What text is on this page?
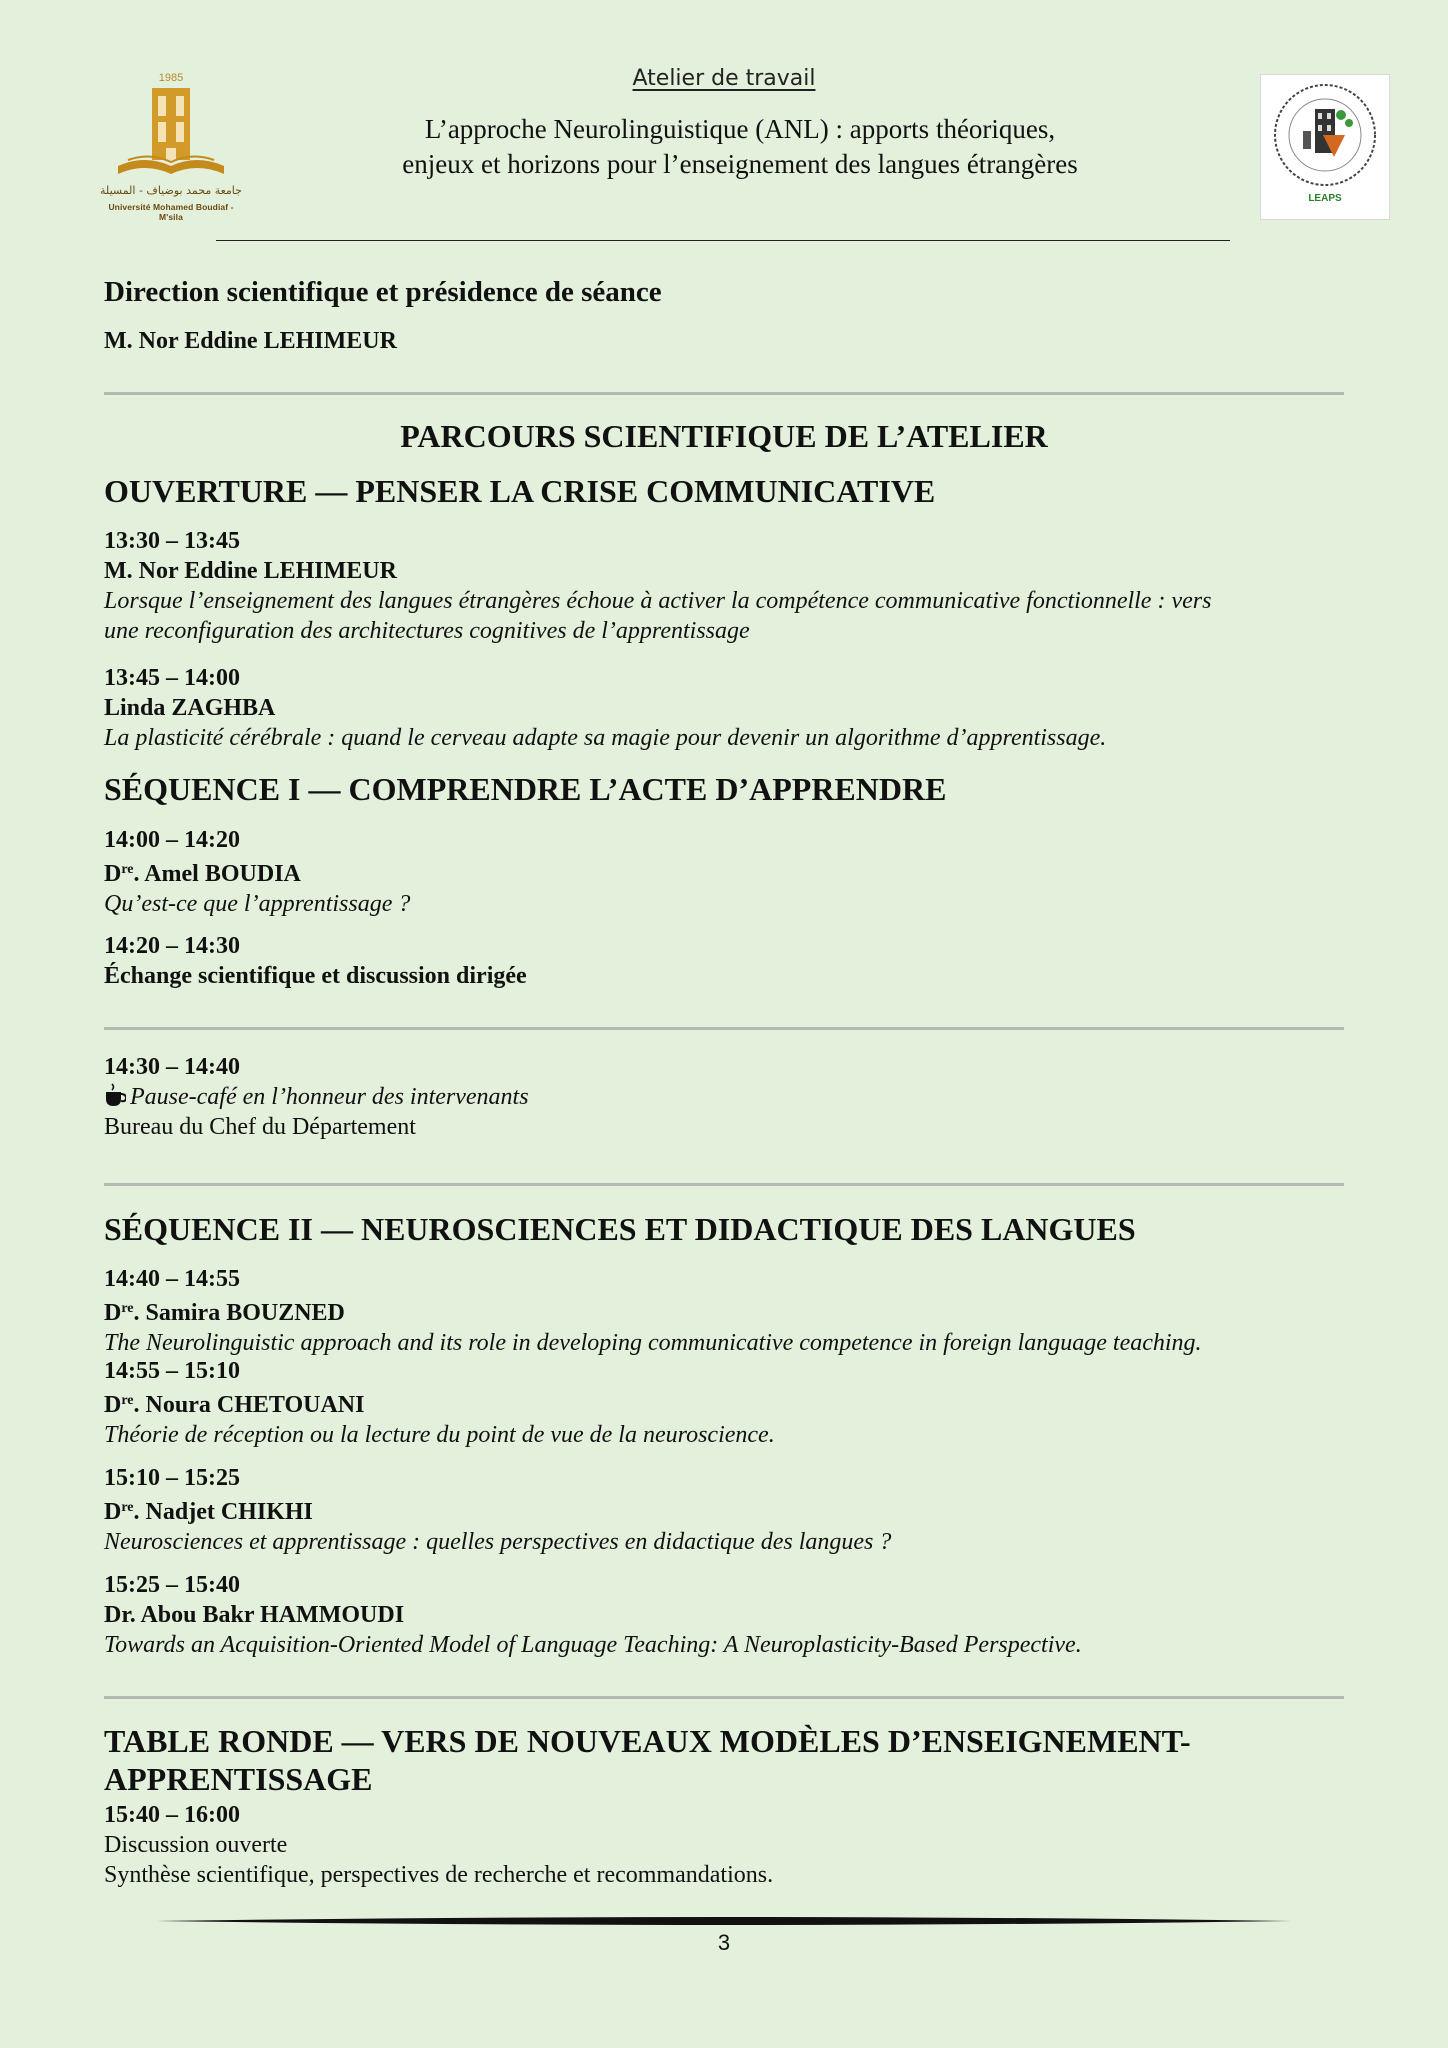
1985
جامعة محمد بوضياف - المسيلة
Université Mohamed Boudiaf - M'sila
LEAPS
Atelier de travail
L’approche Neurolinguistique (ANL) : apports théoriques,
enjeux et horizons pour l’enseignement des langues étrangères
Direction scientifique et présidence de séance
M. Nor Eddine LEHIMEUR
PARCOURS SCIENTIFIQUE DE L’ATELIER
OUVERTURE — PENSER LA CRISE COMMUNICATIVE
13:30 – 13:45
M. Nor Eddine LEHIMEUR
Lorsque l’enseignement des langues étrangères échoue à activer la compétence communicative fonctionnelle : vers
une reconfiguration des architectures cognitives de l’apprentissage
13:45 – 14:00
Linda ZAGHBA
La plasticité cérébrale : quand le cerveau adapte sa magie pour devenir un algorithme d’apprentissage.
SÉQUENCE I — COMPRENDRE L’ACTE D’APPRENDRE
14:00 – 14:20
Dre. Amel BOUDIA
Qu’est-ce que l’apprentissage ?
14:20 – 14:30
Échange scientifique et discussion dirigée
14:30 – 14:40
Pause-café en l’honneur des intervenants
Bureau du Chef du Département
SÉQUENCE II — NEUROSCIENCES ET DIDACTIQUE DES LANGUES
14:40 – 14:55
Dre. Samira BOUZNED
The Neurolinguistic approach and its role in developing communicative competence in foreign language teaching.
14:55 – 15:10
Dre. Noura CHETOUANI
Théorie de réception ou la lecture du point de vue de la neuroscience.
15:10 – 15:25
Dre. Nadjet CHIKHI
Neurosciences et apprentissage : quelles perspectives en didactique des langues ?
15:25 – 15:40
Dr. Abou Bakr HAMMOUDI
Towards an Acquisition-Oriented Model of Language Teaching: A Neuroplasticity-Based Perspective.
TABLE RONDE — VERS DE NOUVEAUX MODÈLES D’ENSEIGNEMENT-
APPRENTISSAGE
15:40 – 16:00
Discussion ouverte
Synthèse scientifique, perspectives de recherche et recommandations.
3
